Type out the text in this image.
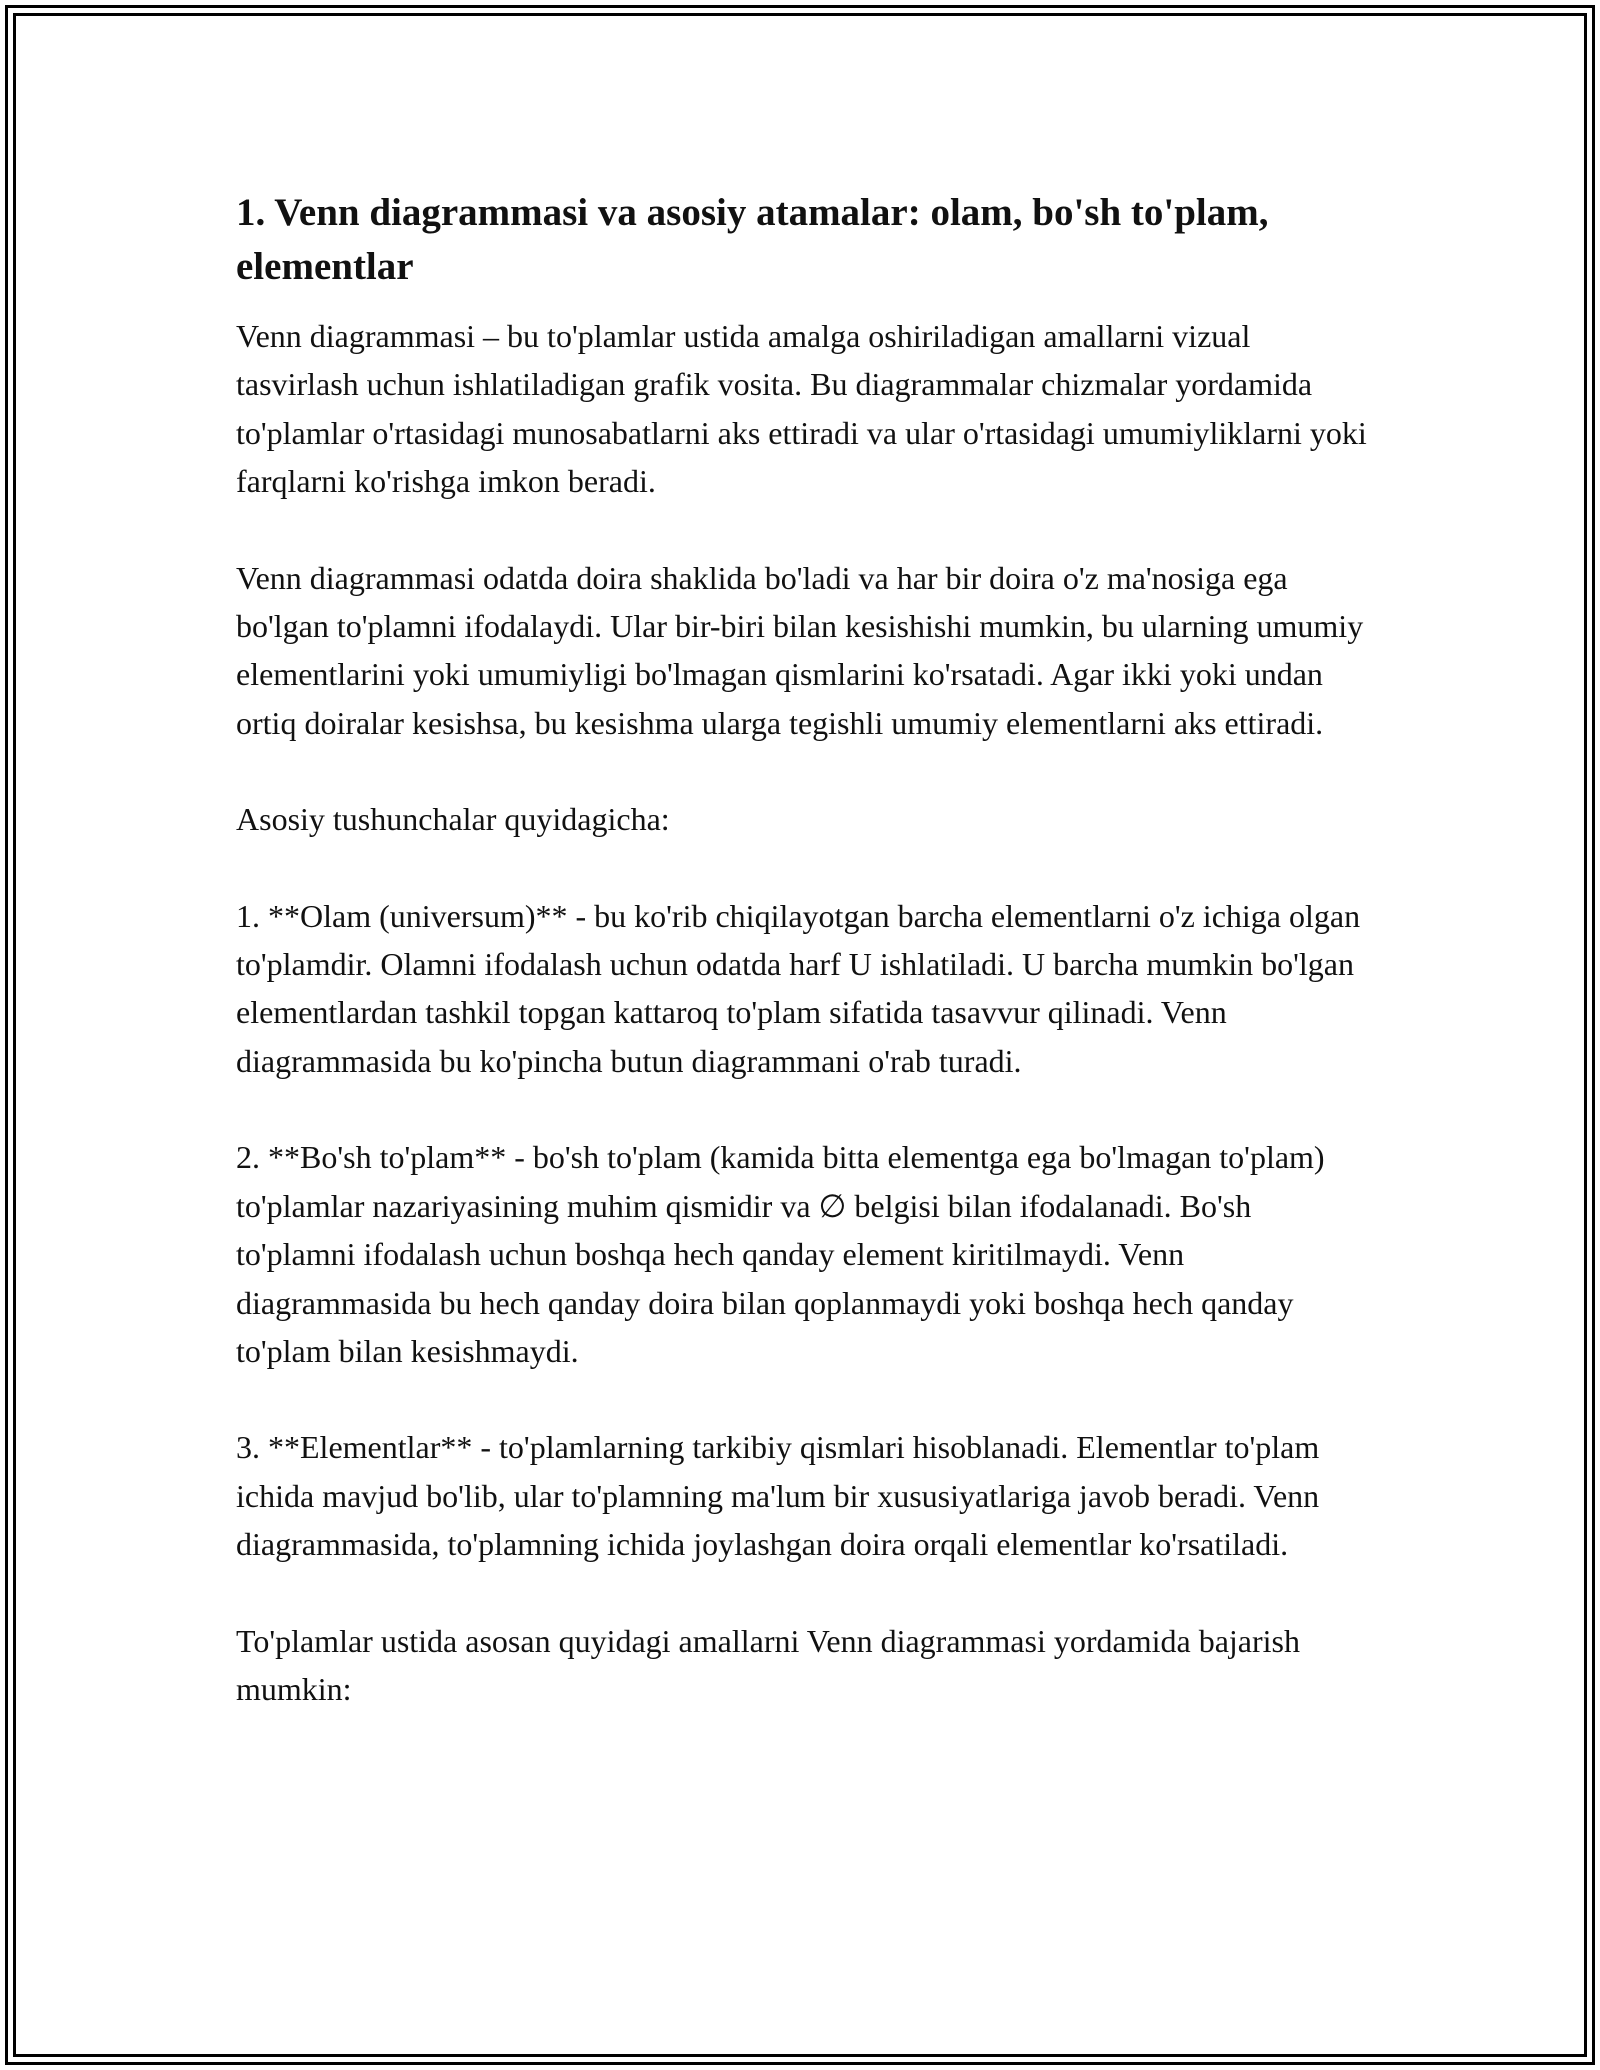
1. Venn diagrammasi va asosiy atamalar: olam, bo'sh to'plam, elementlar

Venn diagrammasi – bu to'plamlar ustida amalga oshiriladigan amallarni vizual tasvirlash uchun ishlatiladigan grafik vosita. Bu diagrammalar chizmalar yordamida to'plamlar o'rtasidagi munosabatlarni aks ettiradi va ular o'rtasidagi umumiyliklarni yoki farqlarni ko'rishga imkon beradi.

Venn diagrammasi odatda doira shaklida bo'ladi va har bir doira o'z ma'nosiga ega bo'lgan to'plamni ifodalaydi. Ular bir-biri bilan kesishishi mumkin, bu ularning umumiy elementlarini yoki umumiyligi bo'lmagan qismlarini ko'rsatadi. Agar ikki yoki undan ortiq doiralar kesishsa, bu kesishma ularga tegishli umumiy elementlarni aks ettiradi.

Asosiy tushunchalar quyidagicha:

1. **Olam (universum)** - bu ko'rib chiqilayotgan barcha elementlarni o'z ichiga olgan to'plamdir. Olamni ifodalash uchun odatda harf U ishlatiladi. U barcha mumkin bo'lgan elementlardan tashkil topgan kattaroq to'plam sifatida tasavvur qilinadi. Venn diagrammasida bu ko'pincha butun diagrammani o'rab turadi.

2. **Bo'sh to'plam** - bo'sh to'plam (kamida bitta elementga ega bo'lmagan to'plam) to'plamlar nazariyasining muhim qismidir va ∅ belgisi bilan ifodalanadi. Bo'sh to'plamni ifodalash uchun boshqa hech qanday element kiritilmaydi. Venn diagrammasida bu hech qanday doira bilan qoplanmaydi yoki boshqa hech qanday to'plam bilan kesishmaydi.

3. **Elementlar** - to'plamlarning tarkibiy qismlari hisoblanadi. Elementlar to'plam ichida mavjud bo'lib, ular to'plamning ma'lum bir xususiyatlariga javob beradi. Venn diagrammasida, to'plamning ichida joylashgan doira orqali elementlar ko'rsatiladi.

To'plamlar ustida asosan quyidagi amallarni Venn diagrammasi yordamida bajarish mumkin:
